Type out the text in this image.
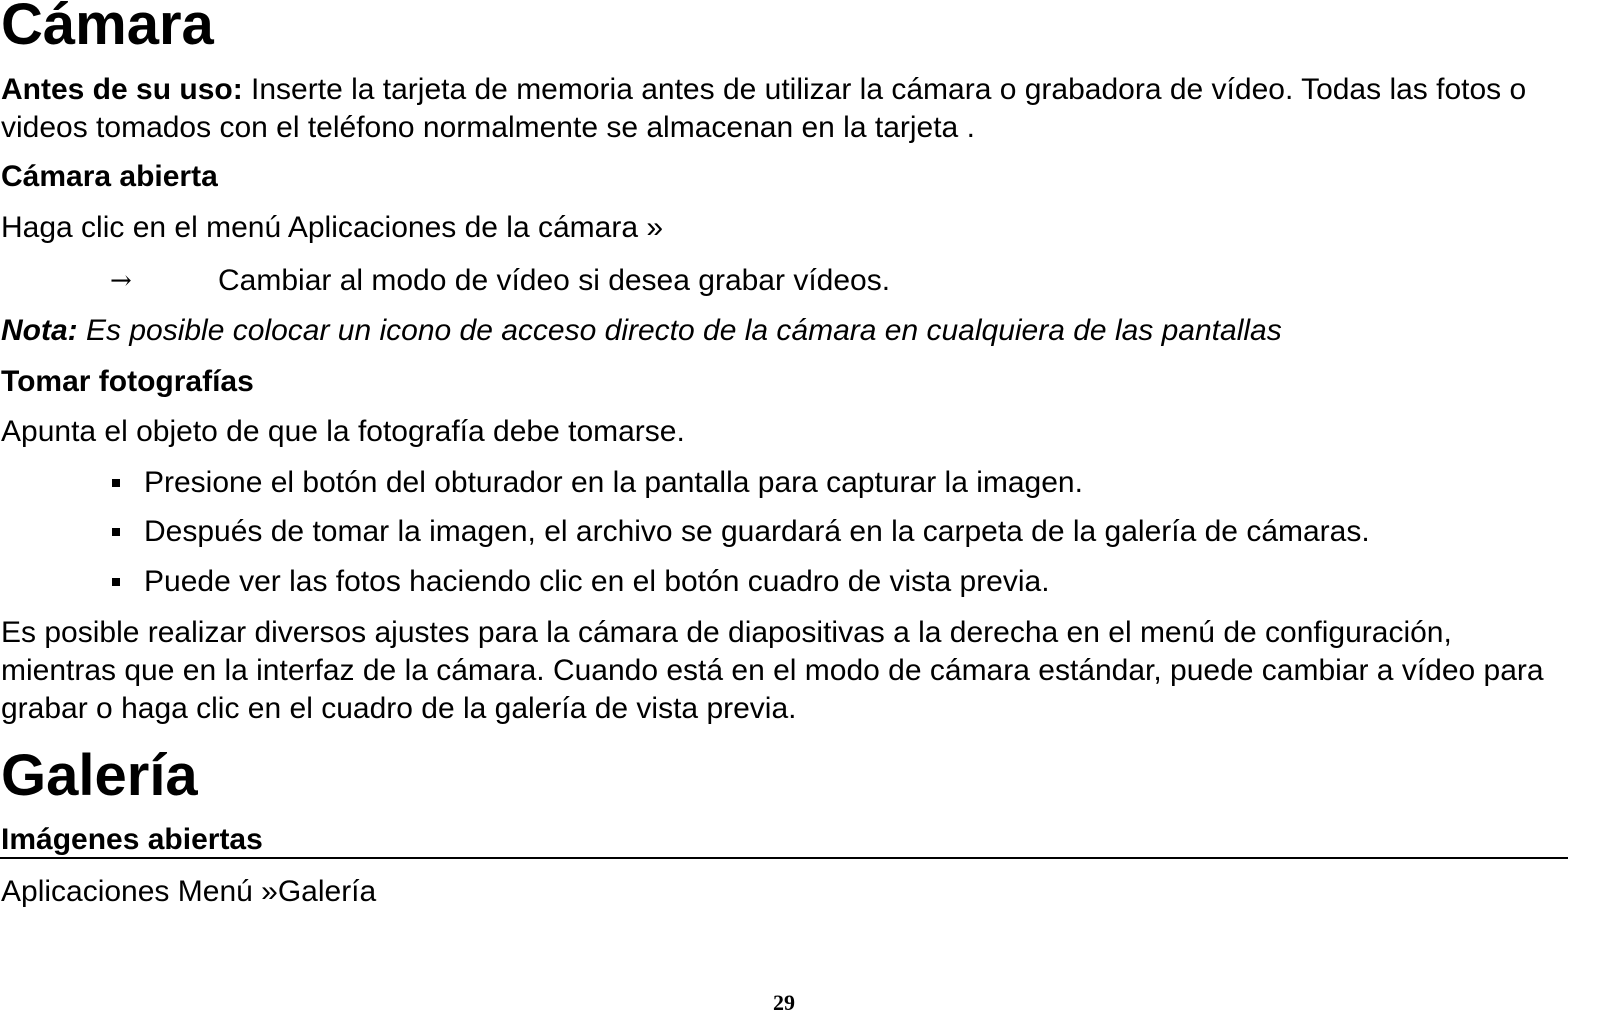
Cámara
Antes de su uso: Inserte la tarjeta de memoria antes de utilizar la cámara o grabadora de vídeo. Todas las fotos o videos tomados con el teléfono normalmente se almacenan en la tarjeta .
Cámara abierta
Haga clic en el menú Aplicaciones de la cámara »
→	Cambiar al modo de vídeo si desea grabar vídeos.
Nota: Es posible colocar un icono de acceso directo de la cámara en cualquiera de las pantallas
Tomar fotografías
Apunta el objeto de que la fotografía debe tomarse.
Presione el botón del obturador en la pantalla para capturar la imagen.
Después de tomar la imagen, el archivo se guardará en la carpeta de la galería de cámaras.
Puede ver las fotos haciendo clic en el botón cuadro de vista previa.
Es posible realizar diversos ajustes para la cámara de diapositivas a la derecha en el menú de configuración, mientras que en la interfaz de la cámara. Cuando está en el modo de cámara estándar, puede cambiar a vídeo para grabar o haga clic en el cuadro de la galería de vista previa.
Galería
Imágenes abiertas
Aplicaciones Menú »Galería
29
